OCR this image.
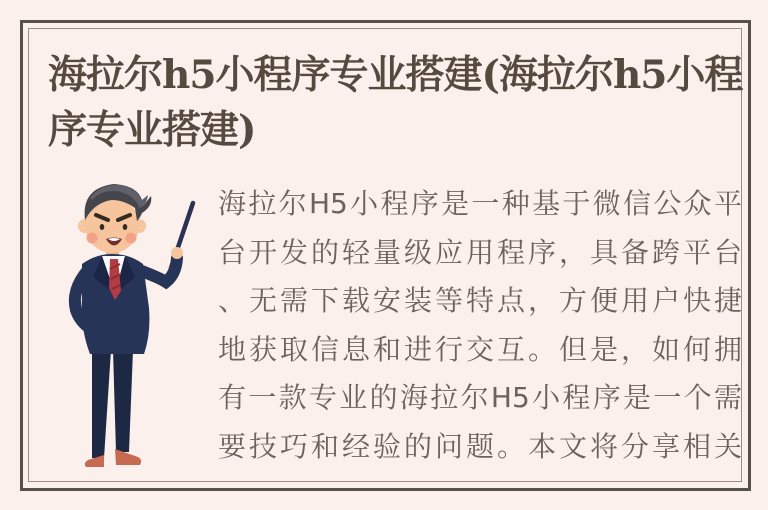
海拉尔h5小程序专业搭建(海拉尔h5小程
序专业搭建)
海拉尔H5小程序是一种基于微信公众平
台开发的轻量级应用程序，具备跨平台
、无需下载安装等特点，方便用户快捷
地获取信息和进行交互。但是，如何拥
有一款专业的海拉尔H5小程序是一个需
要技巧和经验的问题。本文将分享相关
